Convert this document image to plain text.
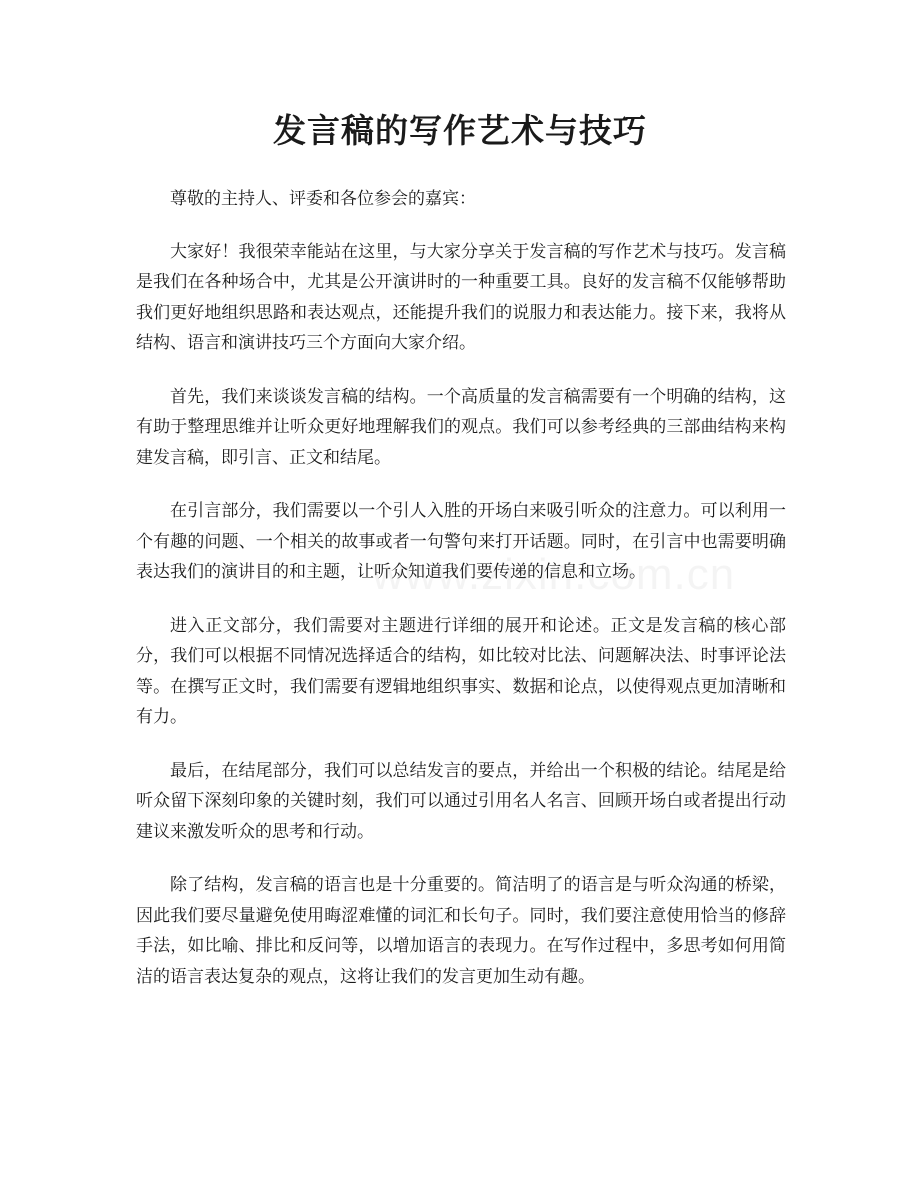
发言稿的写作艺术与技巧

尊敬的主持人、评委和各位参会的嘉宾：

大家好！我很荣幸能站在这里，与大家分享关于发言稿的写作艺术与技巧。发言稿是我们在各种场合中，尤其是公开演讲时的一种重要工具。良好的发言稿不仅能够帮助我们更好地组织思路和表达观点，还能提升我们的说服力和表达能力。接下来，我将从结构、语言和演讲技巧三个方面向大家介绍。

首先，我们来谈谈发言稿的结构。一个高质量的发言稿需要有一个明确的结构，这有助于整理思维并让听众更好地理解我们的观点。我们可以参考经典的三部曲结构来构建发言稿，即引言、正文和结尾。

在引言部分，我们需要以一个引人入胜的开场白来吸引听众的注意力。可以利用一个有趣的问题、一个相关的故事或者一句警句来打开话题。同时，在引言中也需要明确表达我们的演讲目的和主题，让听众知道我们要传递的信息和立场。

进入正文部分，我们需要对主题进行详细的展开和论述。正文是发言稿的核心部分，我们可以根据不同情况选择适合的结构，如比较对比法、问题解决法、时事评论法等。在撰写正文时，我们需要有逻辑地组织事实、数据和论点，以使得观点更加清晰和有力。

最后，在结尾部分，我们可以总结发言的要点，并给出一个积极的结论。结尾是给听众留下深刻印象的关键时刻，我们可以通过引用名人名言、回顾开场白或者提出行动建议来激发听众的思考和行动。

除了结构，发言稿的语言也是十分重要的。简洁明了的语言是与听众沟通的桥梁，因此我们要尽量避免使用晦涩难懂的词汇和长句子。同时，我们要注意使用恰当的修辞手法，如比喻、排比和反问等，以增加语言的表现力。在写作过程中，多思考如何用简洁的语言表达复杂的观点，这将让我们的发言更加生动有趣。
